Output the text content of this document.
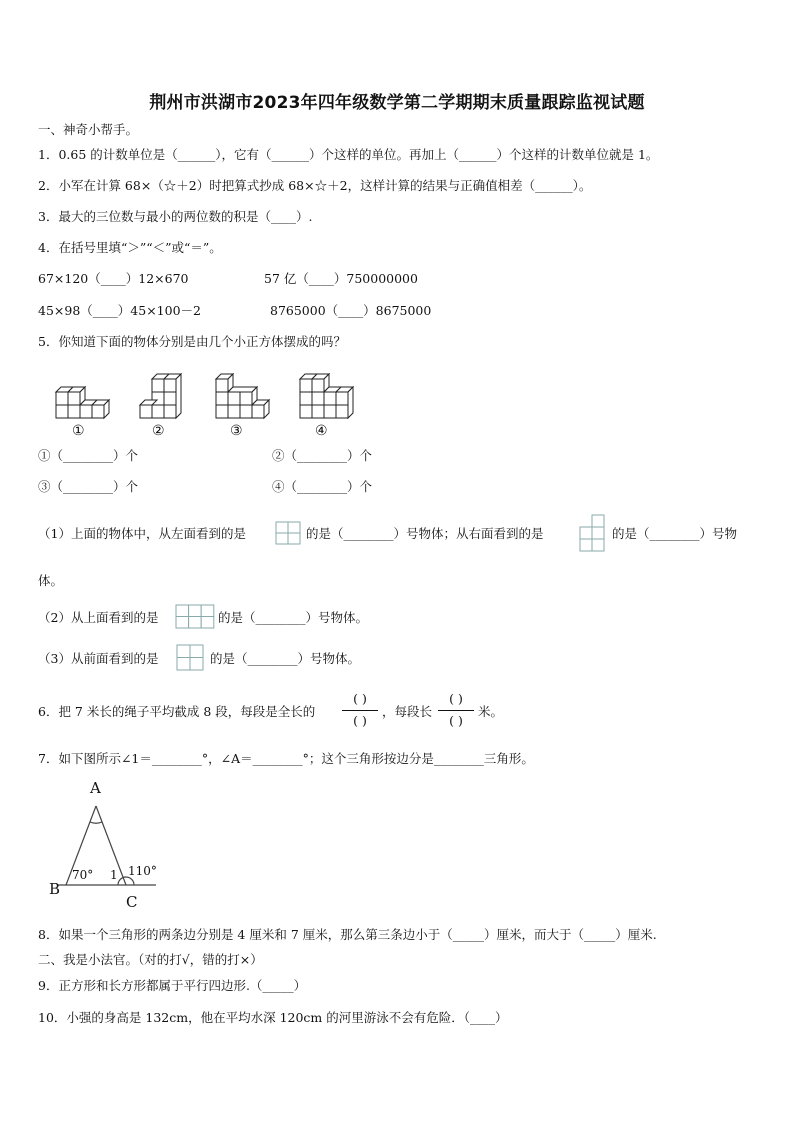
荆州市洪湖市2023年四年级数学第二学期期末质量跟踪监视试题
一、神奇小帮手。
1．0.65 的计数单位是（______），它有（______）个这样的单位。再加上（______）个这样的计数单位就是 1。
2．小军在计算 68×（☆＋2）时把算式抄成 68×☆＋2，这样计算的结果与正确值相差（______）。
3．最大的三位数与最小的两位数的积是（____）.
4．在括号里填“＞”“＜”或“＝”。
67×120（____）12×670	57 亿（____）750000000
45×98（____）45×100－2	8765000（____）8675000
5．你知道下面的物体分别是由几个小正方体摆成的吗？
①	②	③	④
①（________）个	②（________）个
③（________）个	④（________）个
（1）上面的物体中，从左面看到的是	的是（________）号物体；从右面看到的是	的是（________）号物
体。
（2）从上面看到的是	的是（________）号物体。
（3）从前面看到的是	的是（________）号物体。
6．把 7 米长的绳子平均截成 8 段，每段是全长的
( )
( )
，每段长
( )
( )
米。
7．如下图所示∠1＝________°，∠A＝________°；这个三角形按边分是________三角形。
A
B
C
70° 1 110°
8．如果一个三角形的两条边分别是 4 厘米和 7 厘米，那么第三条边小于（_____）厘米，而大于（_____）厘米.
二、我是小法官。（对的打√，错的打×）
9．正方形和长方形都属于平行四边形.（_____）
10．小强的身高是 132cm，他在平均水深 120cm 的河里游泳不会有危险．（____）
